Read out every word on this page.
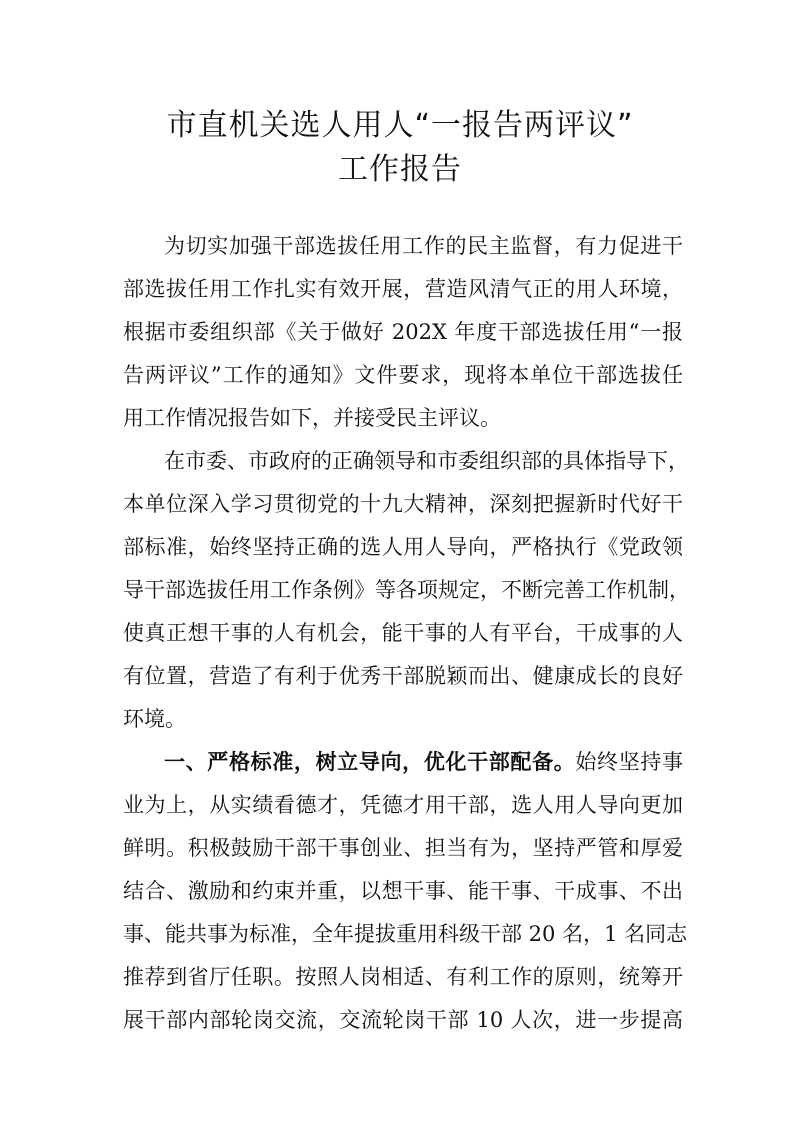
市直机关选人用人“一报告两评议”
工作报告
为切实加强干部选拔任用工作的民主监督，有力促进干
部选拔任用工作扎实有效开展，营造风清气正的用人环境，
根据市委组织部《关于做好 202X 年度干部选拔任用“一报
告两评议”工作的通知》文件要求，现将本单位干部选拔任
用工作情况报告如下，并接受民主评议。
在市委、市政府的正确领导和市委组织部的具体指导下，
本单位深入学习贯彻党的十九大精神，深刻把握新时代好干
部标准，始终坚持正确的选人用人导向，严格执行《党政领
导干部选拔任用工作条例》等各项规定，不断完善工作机制，
使真正想干事的人有机会，能干事的人有平台，干成事的人
有位置，营造了有利于优秀干部脱颖而出、健康成长的良好
环境。
一、严格标准，树立导向，优化干部配备。始终坚持事
业为上，从实绩看德才，凭德才用干部，选人用人导向更加
鲜明。积极鼓励干部干事创业、担当有为，坚持严管和厚爱
结合、激励和约束并重，以想干事、能干事、干成事、不出
事、能共事为标准，全年提拔重用科级干部 20 名，1 名同志
推荐到省厅任职。按照人岗相适、有利工作的原则，统筹开
展干部内部轮岗交流，交流轮岗干部 10 人次，进一步提高
